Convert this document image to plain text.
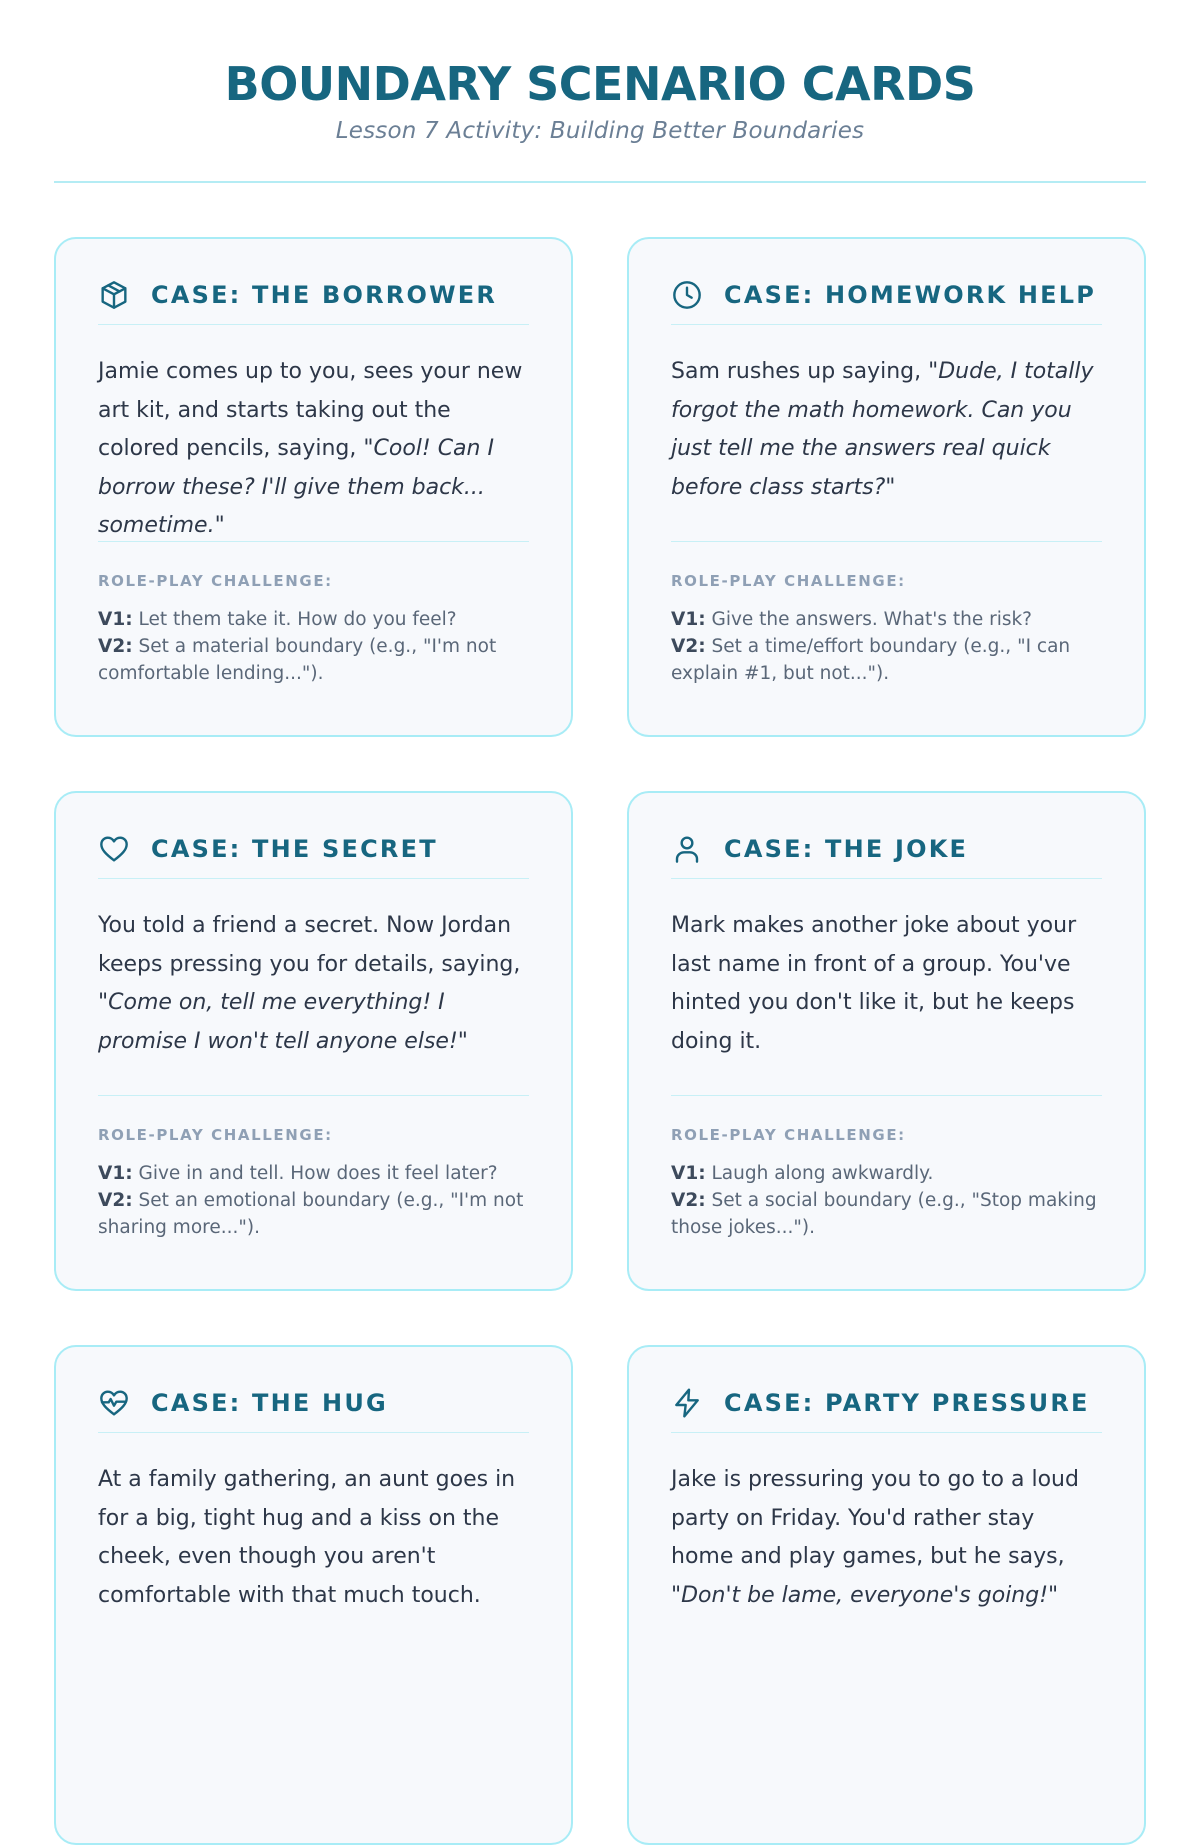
BOUNDARY SCENARIO CARDS
Lesson 7 Activity: Building Better Boundaries
CASE: THE BORROWER
Jamie comes up to you, sees your new art kit, and starts taking out the colored pencils, saying, "Cool! Can I borrow these? I'll give them back... sometime."
ROLE-PLAY CHALLENGE:
V1: Let them take it. How do you feel?
V2: Set a material boundary (e.g., "I'm not comfortable lending...").
CASE: HOMEWORK HELP
Sam rushes up saying, "Dude, I totally forgot the math homework. Can you just tell me the answers real quick before class starts?"
ROLE-PLAY CHALLENGE:
V1: Give the answers. What's the risk?
V2: Set a time/effort boundary (e.g., "I can explain #1, but not...").
CASE: THE SECRET
You told a friend a secret. Now Jordan keeps pressing you for details, saying, "Come on, tell me everything! I promise I won't tell anyone else!"
ROLE-PLAY CHALLENGE:
V1: Give in and tell. How does it feel later?
V2: Set an emotional boundary (e.g., "I'm not sharing more...").
CASE: THE JOKE
Mark makes another joke about your last name in front of a group. You've hinted you don't like it, but he keeps doing it.
ROLE-PLAY CHALLENGE:
V1: Laugh along awkwardly.
V2: Set a social boundary (e.g., "Stop making those jokes...").
CASE: THE HUG
At a family gathering, an aunt goes in for a big, tight hug and a kiss on the cheek, even though you aren't comfortable with that much touch.
CASE: PARTY PRESSURE
Jake is pressuring you to go to a loud party on Friday. You'd rather stay home and play games, but he says, "Don't be lame, everyone's going!"
